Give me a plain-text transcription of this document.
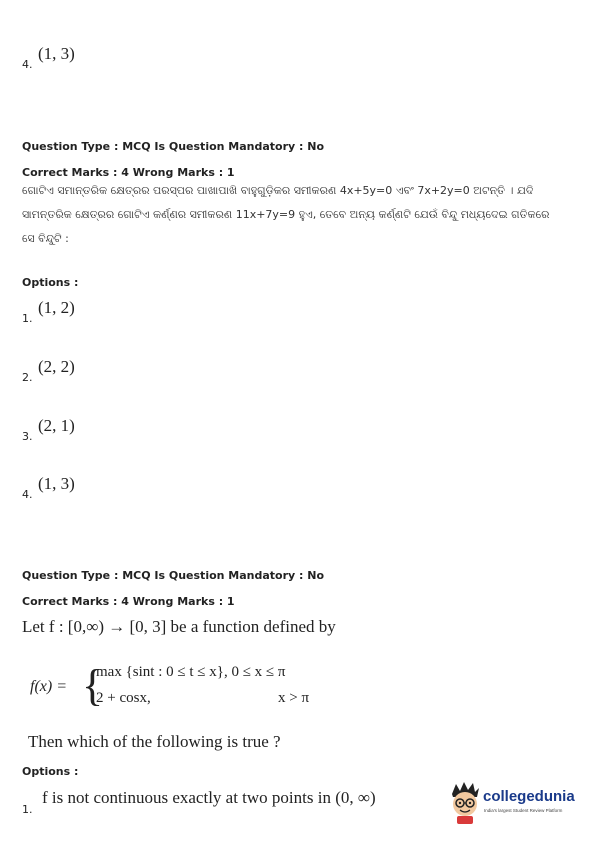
4.
(1, 3)
Question Type : MCQ Is Question Mandatory : No
Correct Marks : 4 Wrong Marks : 1
ଗୋଟିଏ ସମାନ୍ତରିକ କ୍ଷେତ୍ରର ପରସ୍ପର ପାଖାପାଖି ବାହୁଗୁଡ଼ିକର ସମୀକରଣ 4x+5y=0 ଏବଂ 7x+2y=0 ଅଟନ୍ତି । ଯଦି
ସାମନ୍ତରିକ କ୍ଷେତ୍ରର ଗୋଟିଏ କର୍ଣ୍ଣର ସମୀକରଣ 11x+7y=9 ହୁଏ, ତେବେ ଅନ୍ୟ କର୍ଣ୍ଣଟି ଯେଉଁ ବିନ୍ଦୁ ମଧ୍ୟଦେଇ ଗତିକରେ
ସେ ବିନ୍ଦୁଟି :
Options :
1.
(1, 2)
2.
(2, 2)
3.
(2, 1)
4.
(1, 3)
Question Type : MCQ Is Question Mandatory : No
Correct Marks : 4 Wrong Marks : 1
Let f : [0,∞) → [0, 3] be a function defined by
f(x) = {
max {sint : 0 ≤ t ≤ x}, 0 ≤ x ≤ π
2 + cosx,	x > π
Then which of the following is true ?
Options :
1.
f is not continuous exactly at two points in (0, ∞)	collegedunia
India's largest Student Review Platform
